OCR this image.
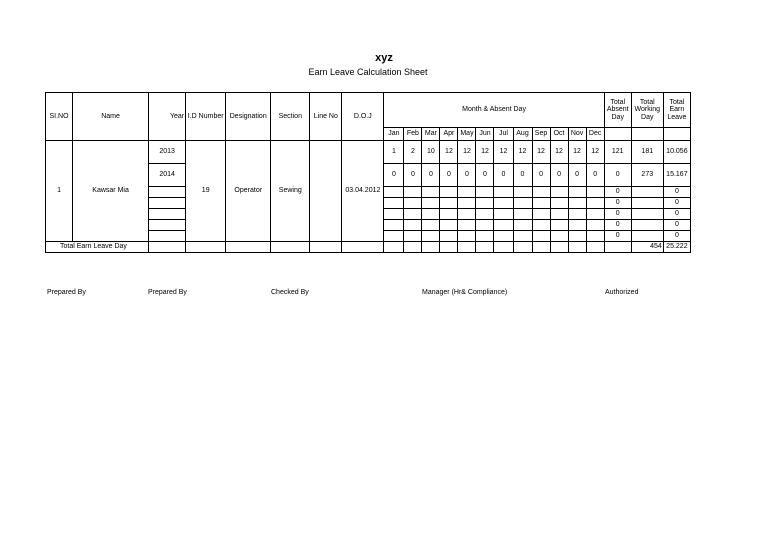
xyz
Earn Leave Calculation Sheet
SI.NO	Name	Year	I.D Number	Designation	Section	Line No	D.O.J	Month & Absent Day												Total Absent Day	Total Working Day	Total Earn Leave
								Jan	Feb	Mar	Apr	May	Jun	Jul	Aug	Sep	Oct	Nov	Dec			
1	Kawsar Mia	2013	19	Operator	Sewing		03.04.2012	1	2	10	12	12	12	12	12	12	12	12	12	121	181	10.056
		2014						0	0	0	0	0	0	0	0	0	0	0	0	0	273	15.167
																				0		0
																				0		0
																				0		0
																				0		0
																				0		0
Total Earn Leave Day																					454	25.222
Prepared By	Prepared By	Checked By	Manager (Hr& Compliance)	Authorized
